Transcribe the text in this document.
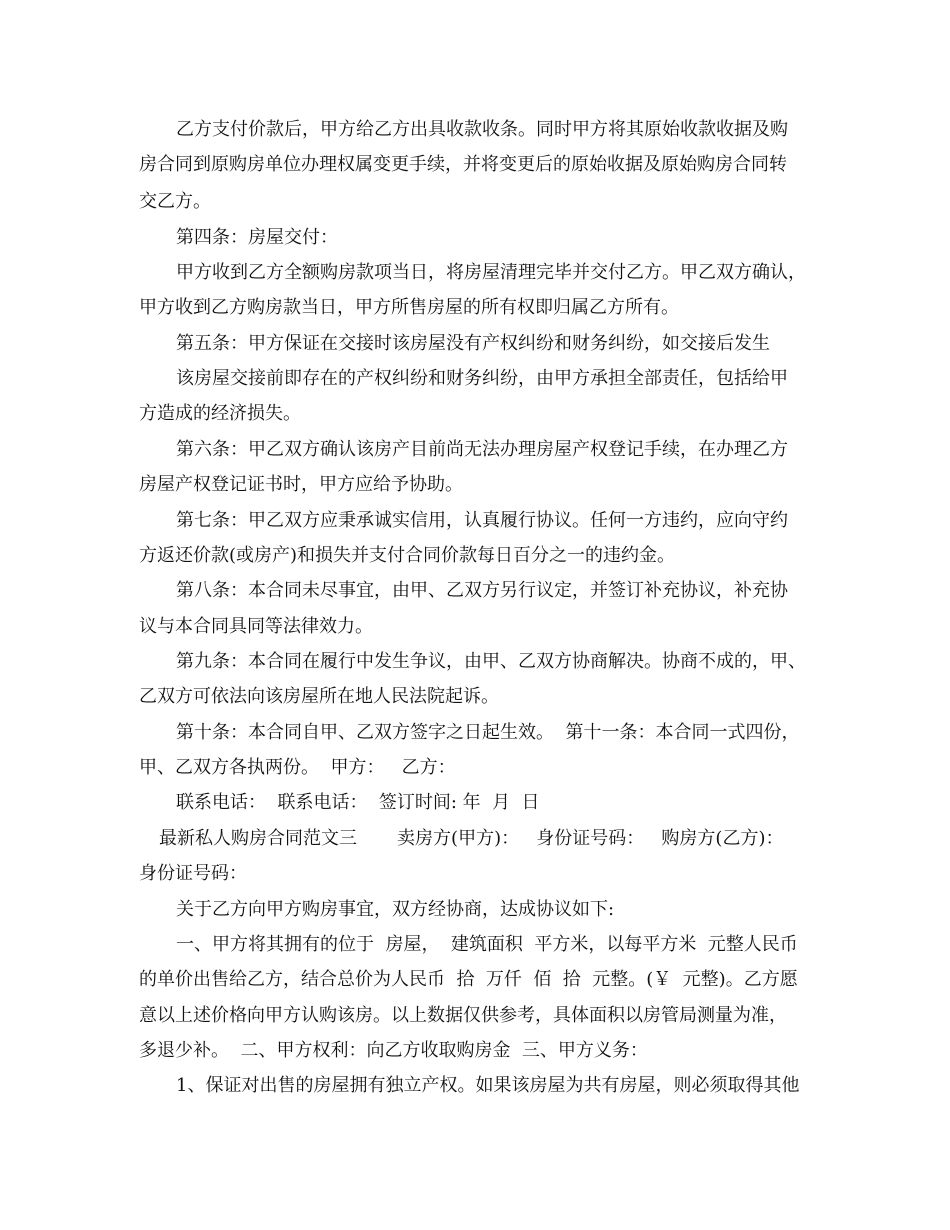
乙方支付价款后，甲方给乙方出具收款收条。同时甲方将其原始收款收据及购
房合同到原购房单位办理权属变更手续，并将变更后的原始收据及原始购房合同转
交乙方。
第四条：房屋交付：
甲方收到乙方全额购房款项当日，将房屋清理完毕并交付乙方。甲乙双方确认，
甲方收到乙方购房款当日，甲方所售房屋的所有权即归属乙方所有。
第五条：甲方保证在交接时该房屋没有产权纠纷和财务纠纷，如交接后发生
该房屋交接前即存在的产权纠纷和财务纠纷，由甲方承担全部责任，包括给甲
方造成的经济损失。
第六条：甲乙双方确认该房产目前尚无法办理房屋产权登记手续，在办理乙方
房屋产权登记证书时，甲方应给予协助。
第七条：甲乙双方应秉承诚实信用，认真履行协议。任何一方违约，应向守约
方返还价款(或房产)和损失并支付合同价款每日百分之一的违约金。
第八条：本合同未尽事宜，由甲、乙双方另行议定，并签订补充协议，补充协
议与本合同具同等法律效力。
第九条：本合同在履行中发生争议，由甲、乙双方协商解决。协商不成的，甲、
乙双方可依法向该房屋所在地人民法院起诉。
第十条：本合同自甲、乙双方签字之日起生效。  第十一条：本合同一式四份，
甲、乙双方各执两份。  甲方：   乙方：
联系电话：  联系电话：  签订时间: 年  月  日
最新私人购房合同范文三       卖房方(甲方)：   身份证号码：   购房方(乙方)：
身份证号码：
关于乙方向甲方购房事宜，双方经协商，达成协议如下:
一、甲方将其拥有的位于  房屋，  建筑面积  平方米，以每平方米  元整人民币
的单价出售给乙方，结合总价为人民币  拾  万仟  佰  拾  元整。(￥  元整)。乙方愿
意以上述价格向甲方认购该房。以上数据仅供参考，具体面积以房管局测量为准，
多退少补。  二、甲方权利：向乙方收取购房金  三、甲方义务：
1、保证对出售的房屋拥有独立产权。如果该房屋为共有房屋，则必须取得其他
